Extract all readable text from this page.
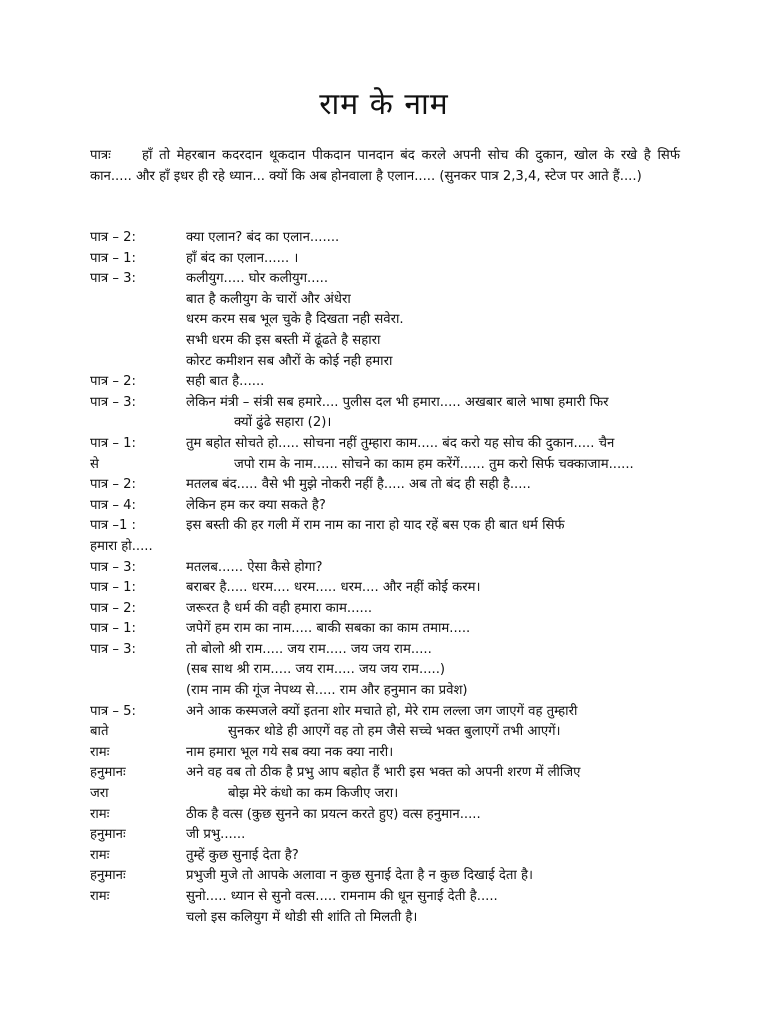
राम के नाम
पात्रः हाँ तो मेहरबान कदरदान थूकदान पीकदान पानदान बंद करले अपनी सोच की दुकान, खोल के रखे है सिर्फ कान..... और हाँ इधर ही रहे ध्यान... क्यों कि अब होनवाला है एलान..... (सुनकर पात्र 2,3,4, स्टेज पर आते हैं....)
पात्र – 2:	क्या एलान? बंद का एलान.......
पात्र – 1:	हाँ बंद का एलान...... ।
पात्र – 3:	कलीयुग..... घोर कलीयुग.....
बात है कलीयुग के चारों और अंधेरा
धरम करम सब भूल चुके है दिखता नही सवेरा.
सभी धरम की इस बस्ती में ढूंढते है सहारा
कोरट कमीशन सब औरों के कोई नही हमारा
पात्र – 2:	सही बात है......
पात्र – 3:	लेकिन मंत्री – संत्री सब हमारे.... पुलीस दल भी हमारा..... अखबार बाले भाषा हमारी फिर
क्यों ढुंढे सहारा (2)।
पात्र – 1:	तुम बहोत सोचते हो..... सोचना नहीं तुम्हारा काम..... बंद करो यह सोच की दुकान..... चैन
से	जपो राम के नाम...... सोचने का काम हम करेंगें...... तुम करो सिर्फ चक्काजाम......
पात्र – 2:	मतलब बंद..... वैसे भी मुझे नोकरी नहीं है..... अब तो बंद ही सही है.....
पात्र – 4:	लेकिन हम कर क्या सकते है?
पात्र –1 :	इस बस्ती की हर गली में राम नाम का नारा हो याद रहें बस एक ही बात धर्म सिर्फ
हमारा हो.....
पात्र – 3:	मतलब...... ऐसा कैसे होगा?
पात्र – 1:	बराबर है..... धरम.... धरम..... धरम.... और नहीं कोई करम।
पात्र – 2:	जरूरत है धर्म की वही हमारा काम......
पात्र – 1:	जपेगें हम राम का नाम..... बाकी सबका का काम तमाम.....
पात्र – 3:	तो बोलो श्री राम..... जय राम..... जय जय राम.....
(सब साथ श्री राम..... जय राम..... जय जय राम.....)
(राम नाम की गूंज नेपथ्य से..... राम और हनुमान का प्रवेश)
पात्र – 5:	अने आक कस्मजले क्यों इतना शोर मचाते हो, मेरे राम लल्ला जग जाएगें वह तुम्हारी
बाते	सुनकर थोडे ही आएगें वह तो हम जैसे सच्चे भक्त बुलाएगें तभी आएगें।
रामः	नाम हमारा भूल गये सब क्या नक क्या नारी।
हनुमानः	अने वह वब तो ठीक है प्रभु आप बहोत हैं भारी इस भक्त को अपनी शरण में लीजिए
जरा	बोझ मेरे कंधो का कम किजीए जरा।
रामः	ठीक है वत्स (कुछ सुनने का प्रयत्न करते हुए) वत्स हनुमान.....
हनुमानः	जी प्रभु......
रामः	तुम्हें कुछ सुनाई देता है?
हनुमानः	प्रभुजी मुजे तो आपके अलावा न कुछ सुनाई देता है न कुछ दिखाई देता है।
रामः	सुनो..... ध्यान से सुनो वत्स..... रामनाम की धून सुनाई देती है.....
चलो इस कलियुग में थोडी सी शांति तो मिलती है।
